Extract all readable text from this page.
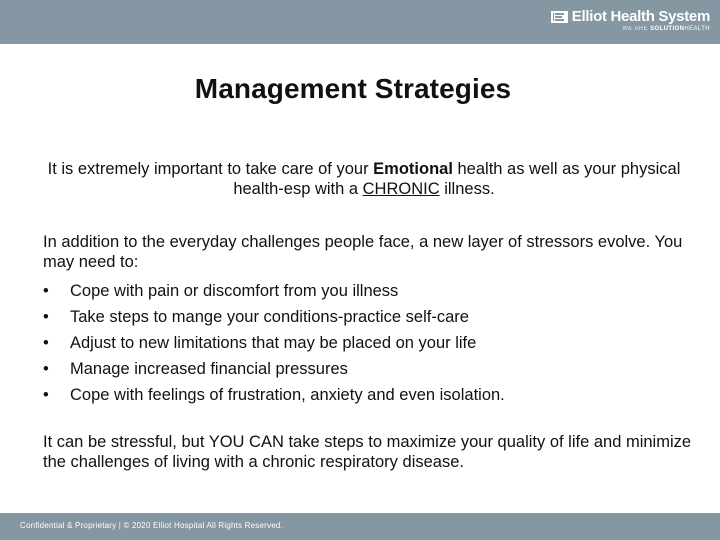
Elliot Health System
WE ARE SOLUTIONHEALTH
Management Strategies
It is extremely important to take care of your Emotional health as well as your physical health-esp with a CHRONIC illness.
In addition to the everyday challenges people face, a new layer of stressors evolve. You may need to:
•	Cope with pain or discomfort from you illness
•	Take steps to mange your conditions-practice self-care
•	Adjust to new limitations that may be placed on your life
•	Manage increased financial pressures
•	Cope with feelings of frustration, anxiety and even isolation.
It can be stressful, but YOU CAN take steps to maximize your quality of life and minimize the challenges of living with a chronic respiratory disease.
Confidential & Proprietary | © 2020 Elliot Hospital All Rights Reserved.
